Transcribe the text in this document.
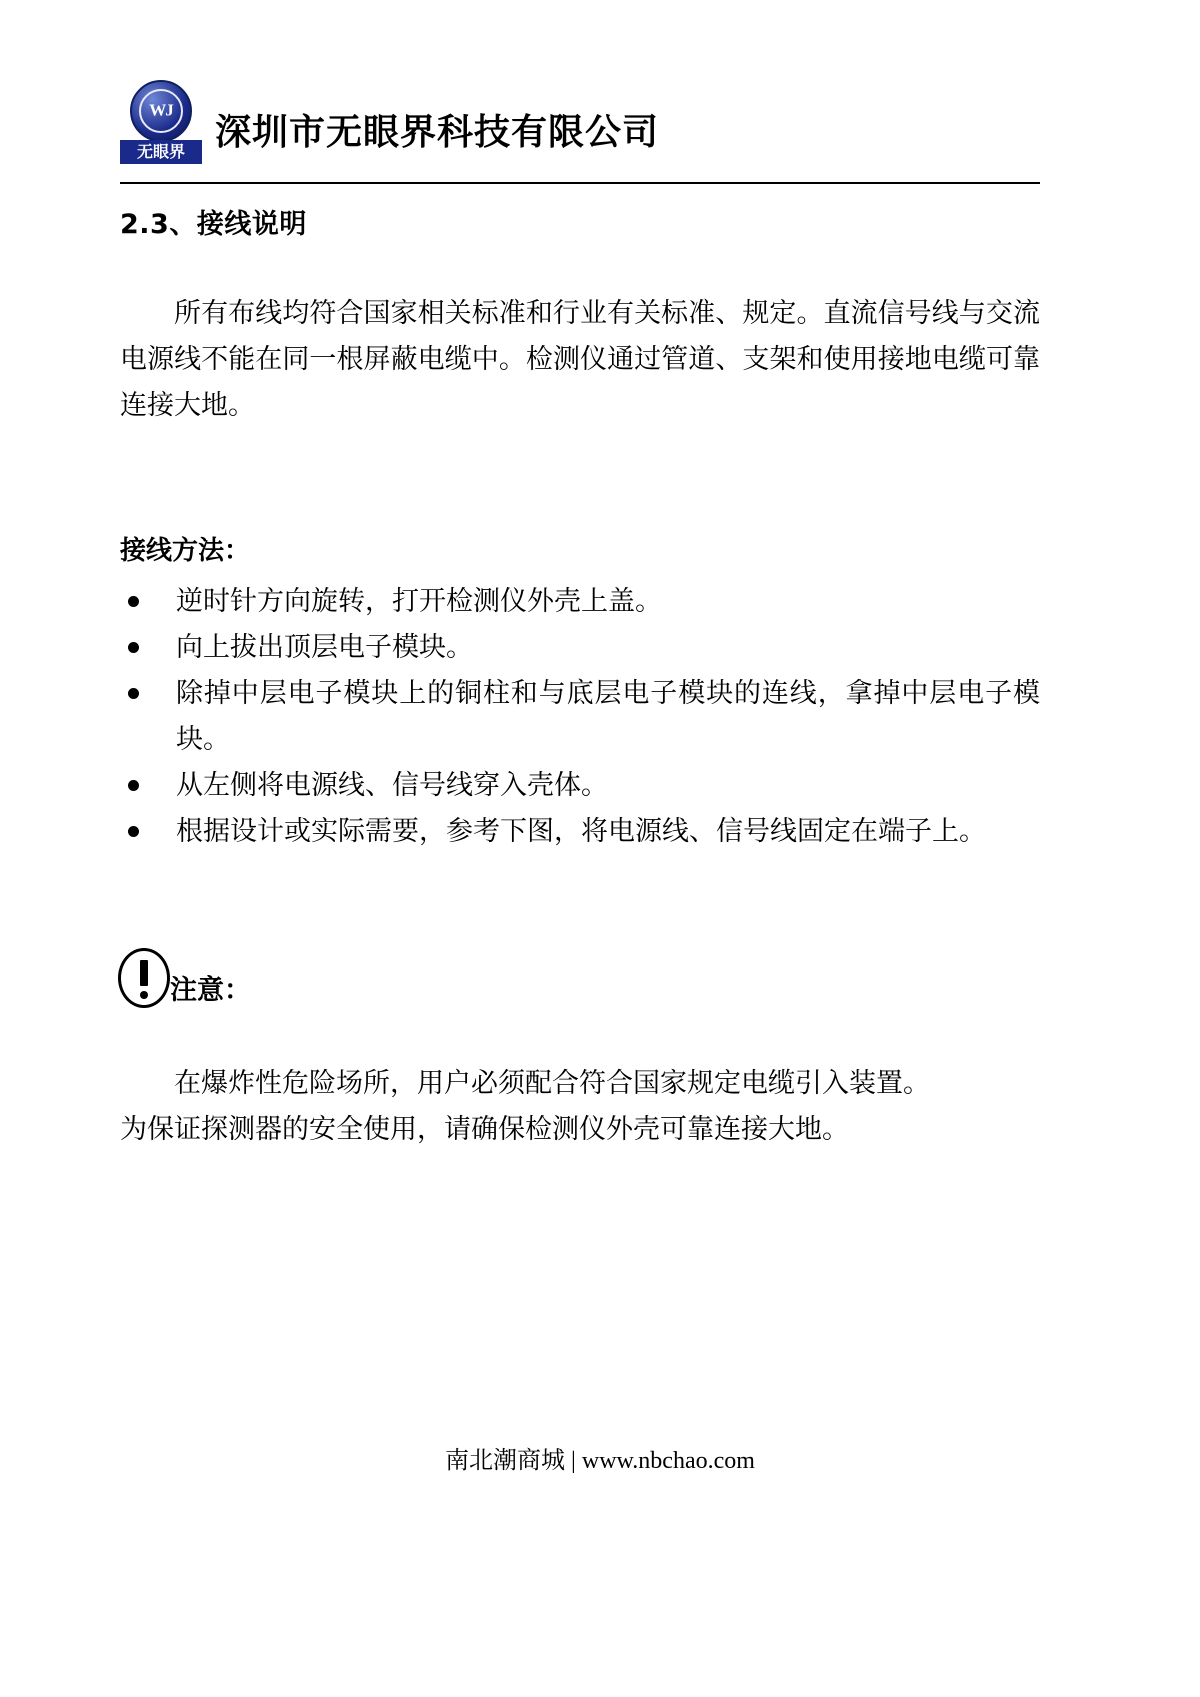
WJ
无眼界 深圳市无眼界科技有限公司
2.3、接线说明
所有布线均符合国家相关标准和行业有关标准、规定。直流信号线与交流电源线不能在同一根屏蔽电缆中。检测仪通过管道、支架和使用接地电缆可靠连接大地。
接线方法：
逆时针方向旋转，打开检测仪外壳上盖。
向上拔出顶层电子模块。
除掉中层电子模块上的铜柱和与底层电子模块的连线，拿掉中层电子模块。
从左侧将电源线、信号线穿入壳体。
根据设计或实际需要，参考下图，将电源线、信号线固定在端子上。
注意：
在爆炸性危险场所，用户必须配合符合国家规定电缆引入装置。
为保证探测器的安全使用，请确保检测仪外壳可靠连接大地。
南北潮商城 | www.nbchao.com
